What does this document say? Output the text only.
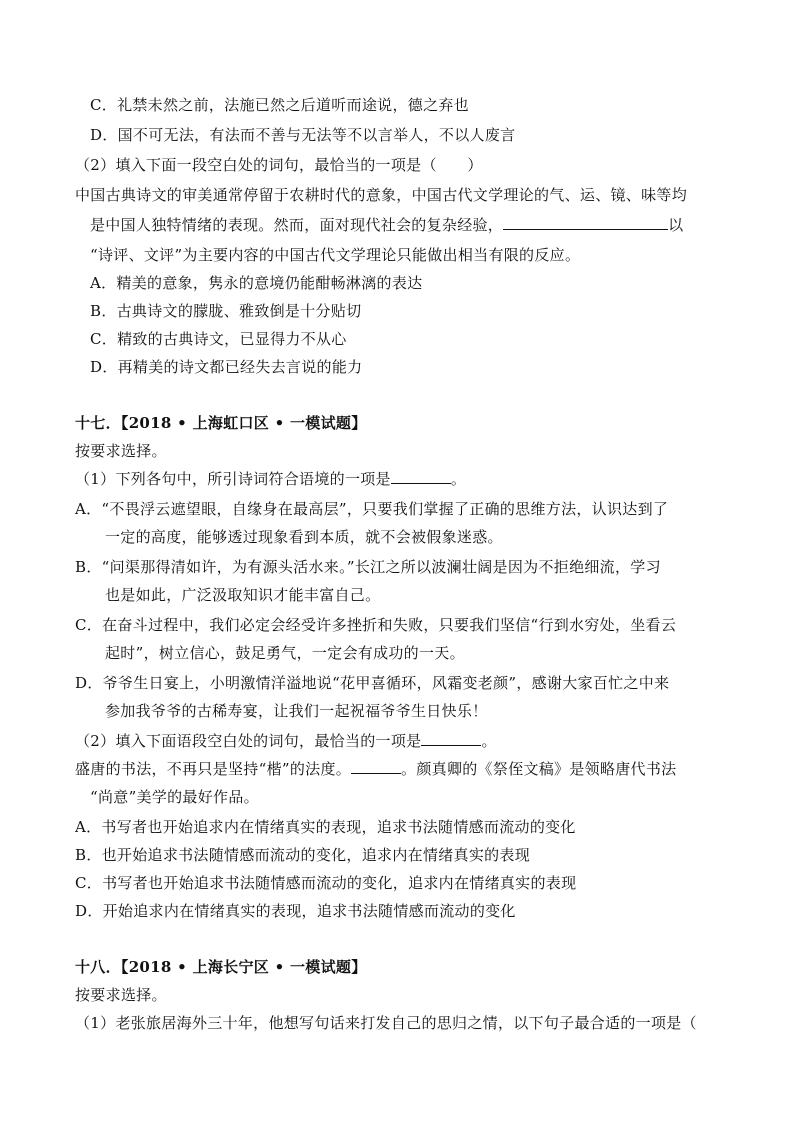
C．礼禁未然之前，法施已然之后道听而途说，德之弃也
D．国不可无法，有法而不善与无法等不以言举人，不以人废言
（2）填入下面一段空白处的词句，最恰当的一项是（　　）
中国古典诗文的审美通常停留于农耕时代的意象，中国古代文学理论的气、运、镜、味等均
是中国人独特情绪的表现。然而，面对现代社会的复杂经验，	以
“诗评、文评”为主要内容的中国古代文学理论只能做出相当有限的反应。
A．精美的意象，隽永的意境仍能酣畅淋漓的表达
B．古典诗文的朦胧、雅致倒是十分贴切
C．精致的古典诗文，已显得力不从心
D．再精美的诗文都已经失去言说的能力
十七．【2018 • 上海虹口区 • 一模试题】
按要求选择。
（1）下列各句中，所引诗词符合语境的一项是	。
A．“不畏浮云遮望眼，自缘身在最高层”，只要我们掌握了正确的思维方法，认识达到了
一定的高度，能够透过现象看到本质，就不会被假象迷惑。
B．“问渠那得清如许，为有源头活水来。”长江之所以波澜壮阔是因为不拒绝细流，学习
也是如此，广泛汲取知识才能丰富自己。
C．在奋斗过程中，我们必定会经受许多挫折和失败，只要我们坚信“行到水穷处，坐看云
起时”，树立信心，鼓足勇气，一定会有成功的一天。
D．爷爷生日宴上，小明激情洋溢地说“花甲喜循环，风霜变老颜”，感谢大家百忙之中来
参加我爷爷的古稀寿宴，让我们一起祝福爷爷生日快乐！
（2）填入下面语段空白处的词句，最恰当的一项是	。
盛唐的书法，不再只是坚持“楷”的法度。	。颜真卿的《祭侄文稿》是领略唐代书法
“尚意”美学的最好作品。
A．书写者也开始追求内在情绪真实的表现，追求书法随情感而流动的变化
B．也开始追求书法随情感而流动的变化，追求内在情绪真实的表现
C．书写者也开始追求书法随情感而流动的变化，追求内在情绪真实的表现
D．开始追求内在情绪真实的表现，追求书法随情感而流动的变化
十八．【2018 • 上海长宁区 • 一模试题】
按要求选择。
（1）老张旅居海外三十年，他想写句话来打发自己的思归之情，以下句子最合适的一项是（
